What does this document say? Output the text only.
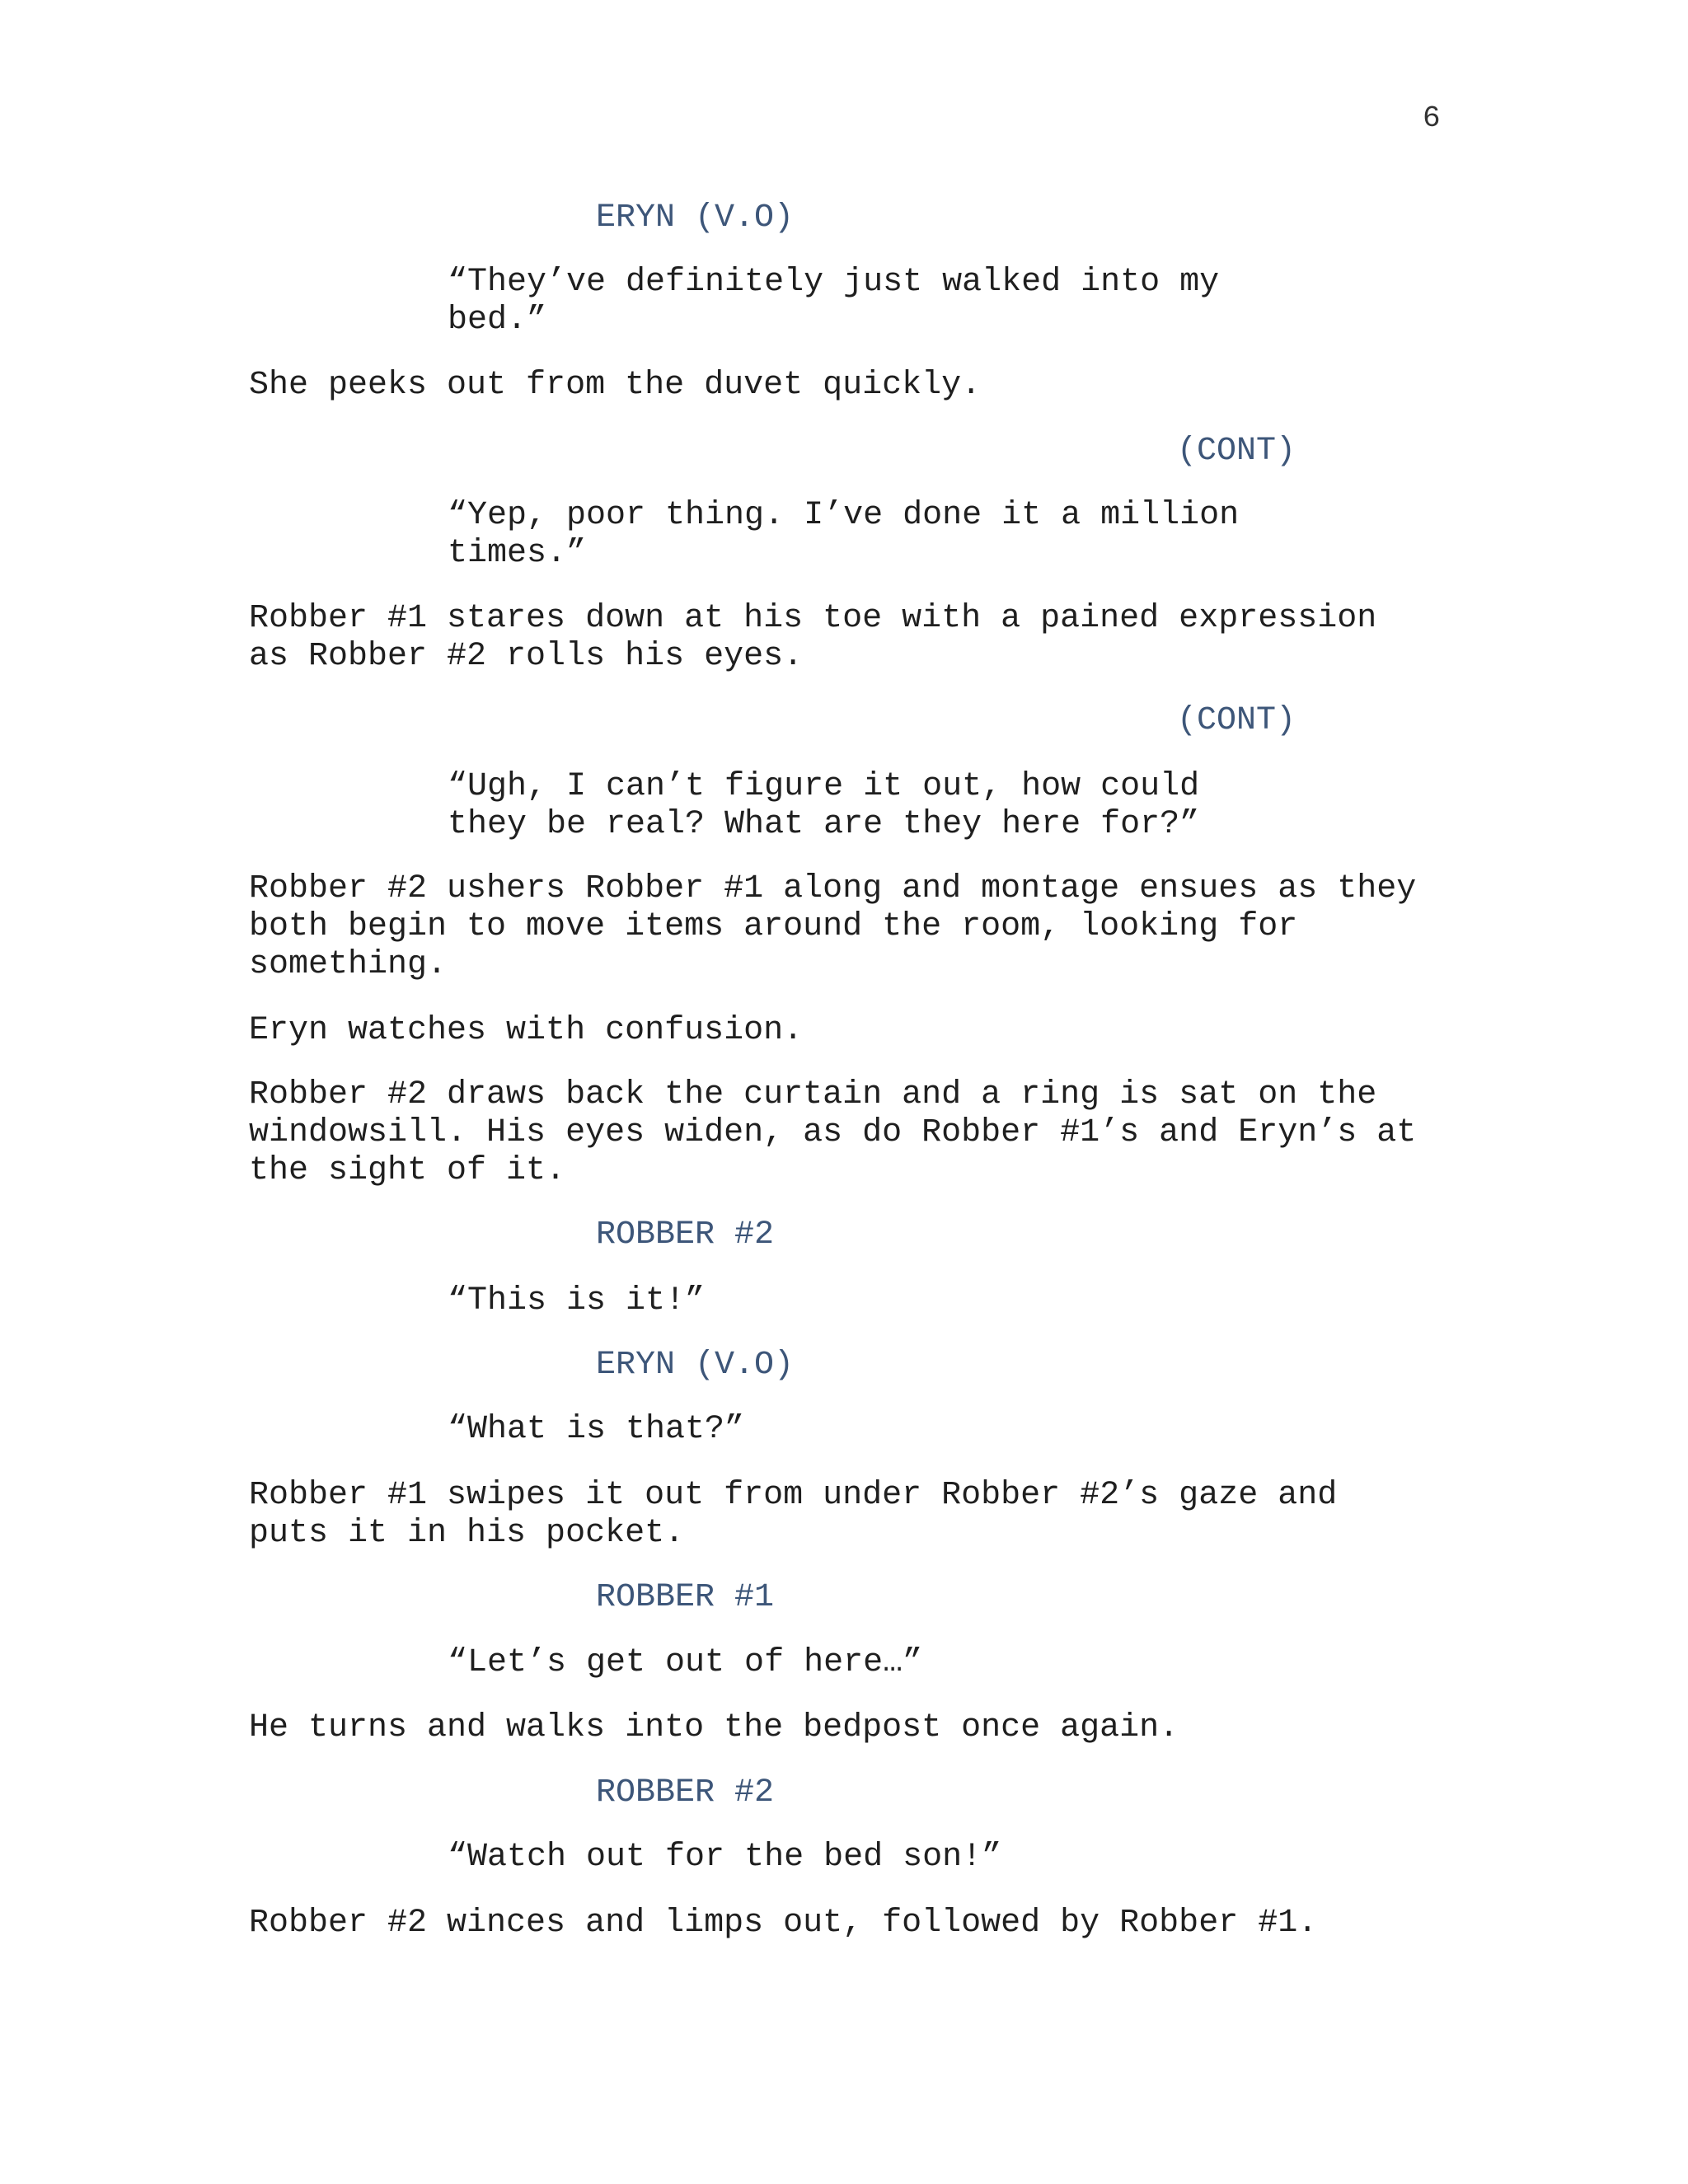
6
ERYN (V.O)
“They’ve definitely just walked into my
bed.”
She peeks out from the duvet quickly.
(CONT)
“Yep, poor thing. I’ve done it a million
times.”
Robber #1 stares down at his toe with a pained expression
as Robber #2 rolls his eyes.
(CONT)
“Ugh, I can’t figure it out, how could
they be real? What are they here for?”
Robber #2 ushers Robber #1 along and montage ensues as they
both begin to move items around the room, looking for
something.
Eryn watches with confusion.
Robber #2 draws back the curtain and a ring is sat on the
windowsill. His eyes widen, as do Robber #1’s and Eryn’s at
the sight of it.
ROBBER #2
“This is it!”
ERYN (V.O)
“What is that?”
Robber #1 swipes it out from under Robber #2’s gaze and
puts it in his pocket.
ROBBER #1
“Let’s get out of here…”
He turns and walks into the bedpost once again.
ROBBER #2
“Watch out for the bed son!”
Robber #2 winces and limps out, followed by Robber #1.
